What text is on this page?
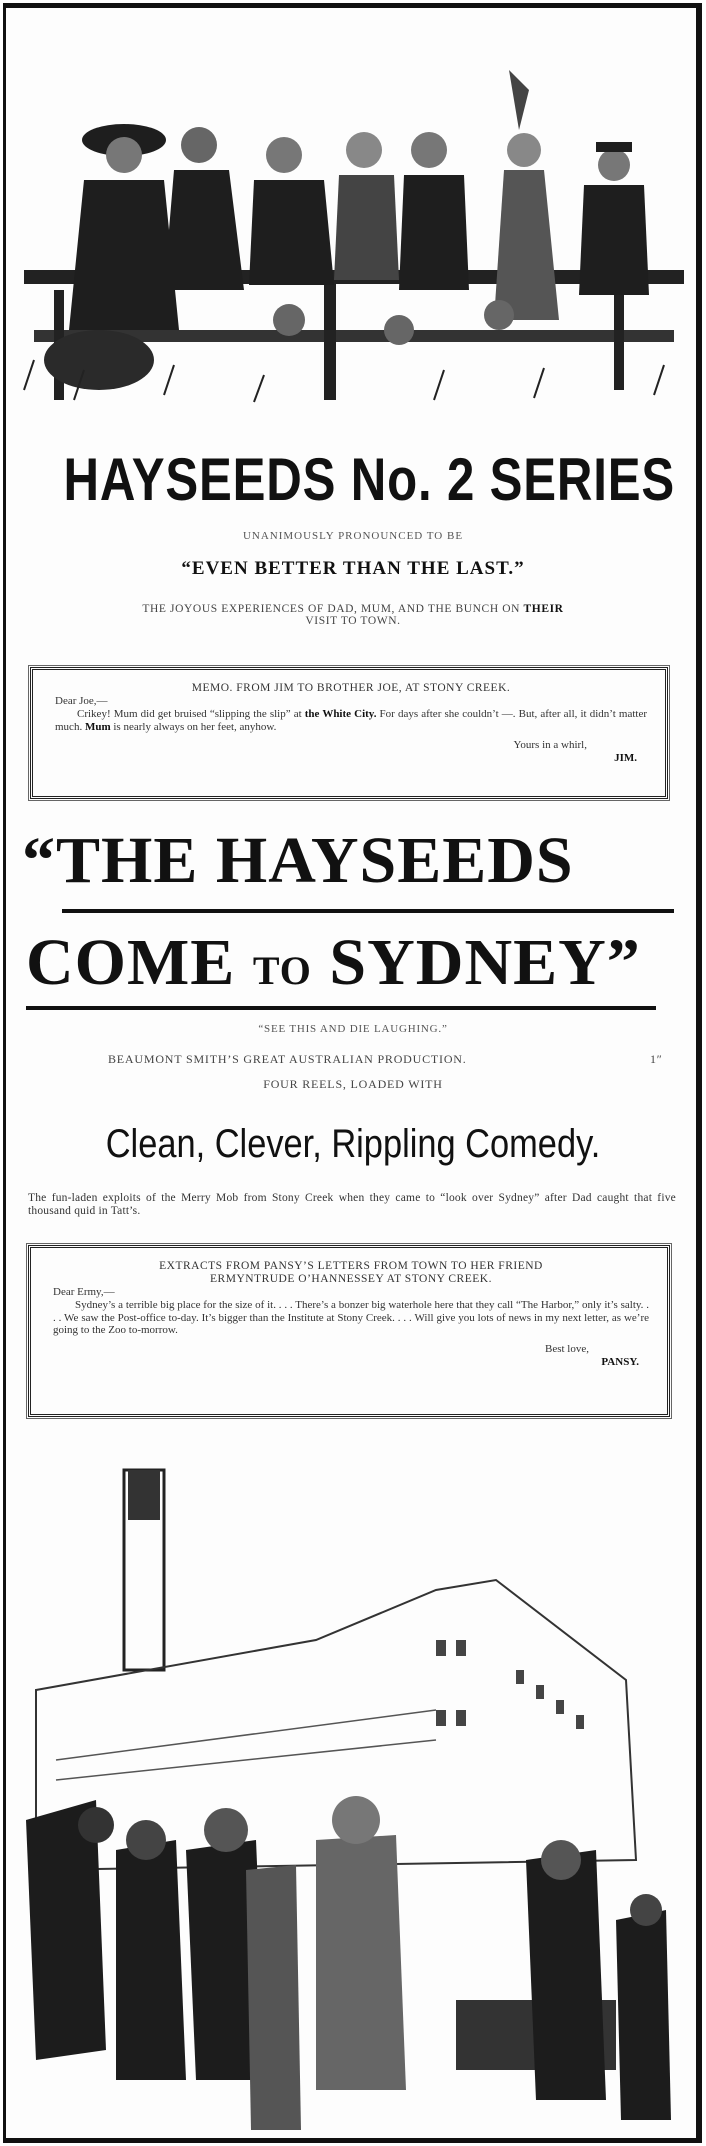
HAYSEEDS No. 2 SERIES
UNANIMOUSLY PRONOUNCED TO BE
“EVEN BETTER THAN THE LAST.”
THE JOYOUS EXPERIENCES OF DAD, MUM, AND THE BUNCH ON THEIR
VISIT TO TOWN.

MEMO. FROM JIM TO BROTHER JOE, AT STONY CREEK.

Dear Joe,—

Crikey! Mum did get bruised “slipping the slip” at the White City. For days after she couldn’t —. But, after all, it didn’t matter much. Mum is nearly always on her feet, anyhow.

Yours in a whirl,

JIM.

“THE HAYSEEDS
COME TO SYDNEY”
“SEE THIS AND DIE LAUGHING.”
BEAUMONT SMITH’S GREAT AUSTRALIAN PRODUCTION.	1″
FOUR REELS, LOADED WITH
Clean, Clever, Rippling Comedy.
The fun-laden exploits of the Merry Mob from Stony Creek when they came to “look over Sydney” after Dad caught that five thousand quid in Tatt’s.

EXTRACTS FROM PANSY’S LETTERS FROM TOWN TO HER FRIEND

ERMYNTRUDE O’HANNESSEY AT STONY CREEK.

Dear Ermy,—

Sydney’s a terrible big place for the size of it. . . . There’s a bonzer big waterhole here that they call “The Harbor,” only it’s salty. . . . We saw the Post-office to-day. It’s bigger than the Institute at Stony Creek. . . . Will give you lots of news in my next letter, as we’re going to the Zoo to-morrow.

Best love,

PANSY.
